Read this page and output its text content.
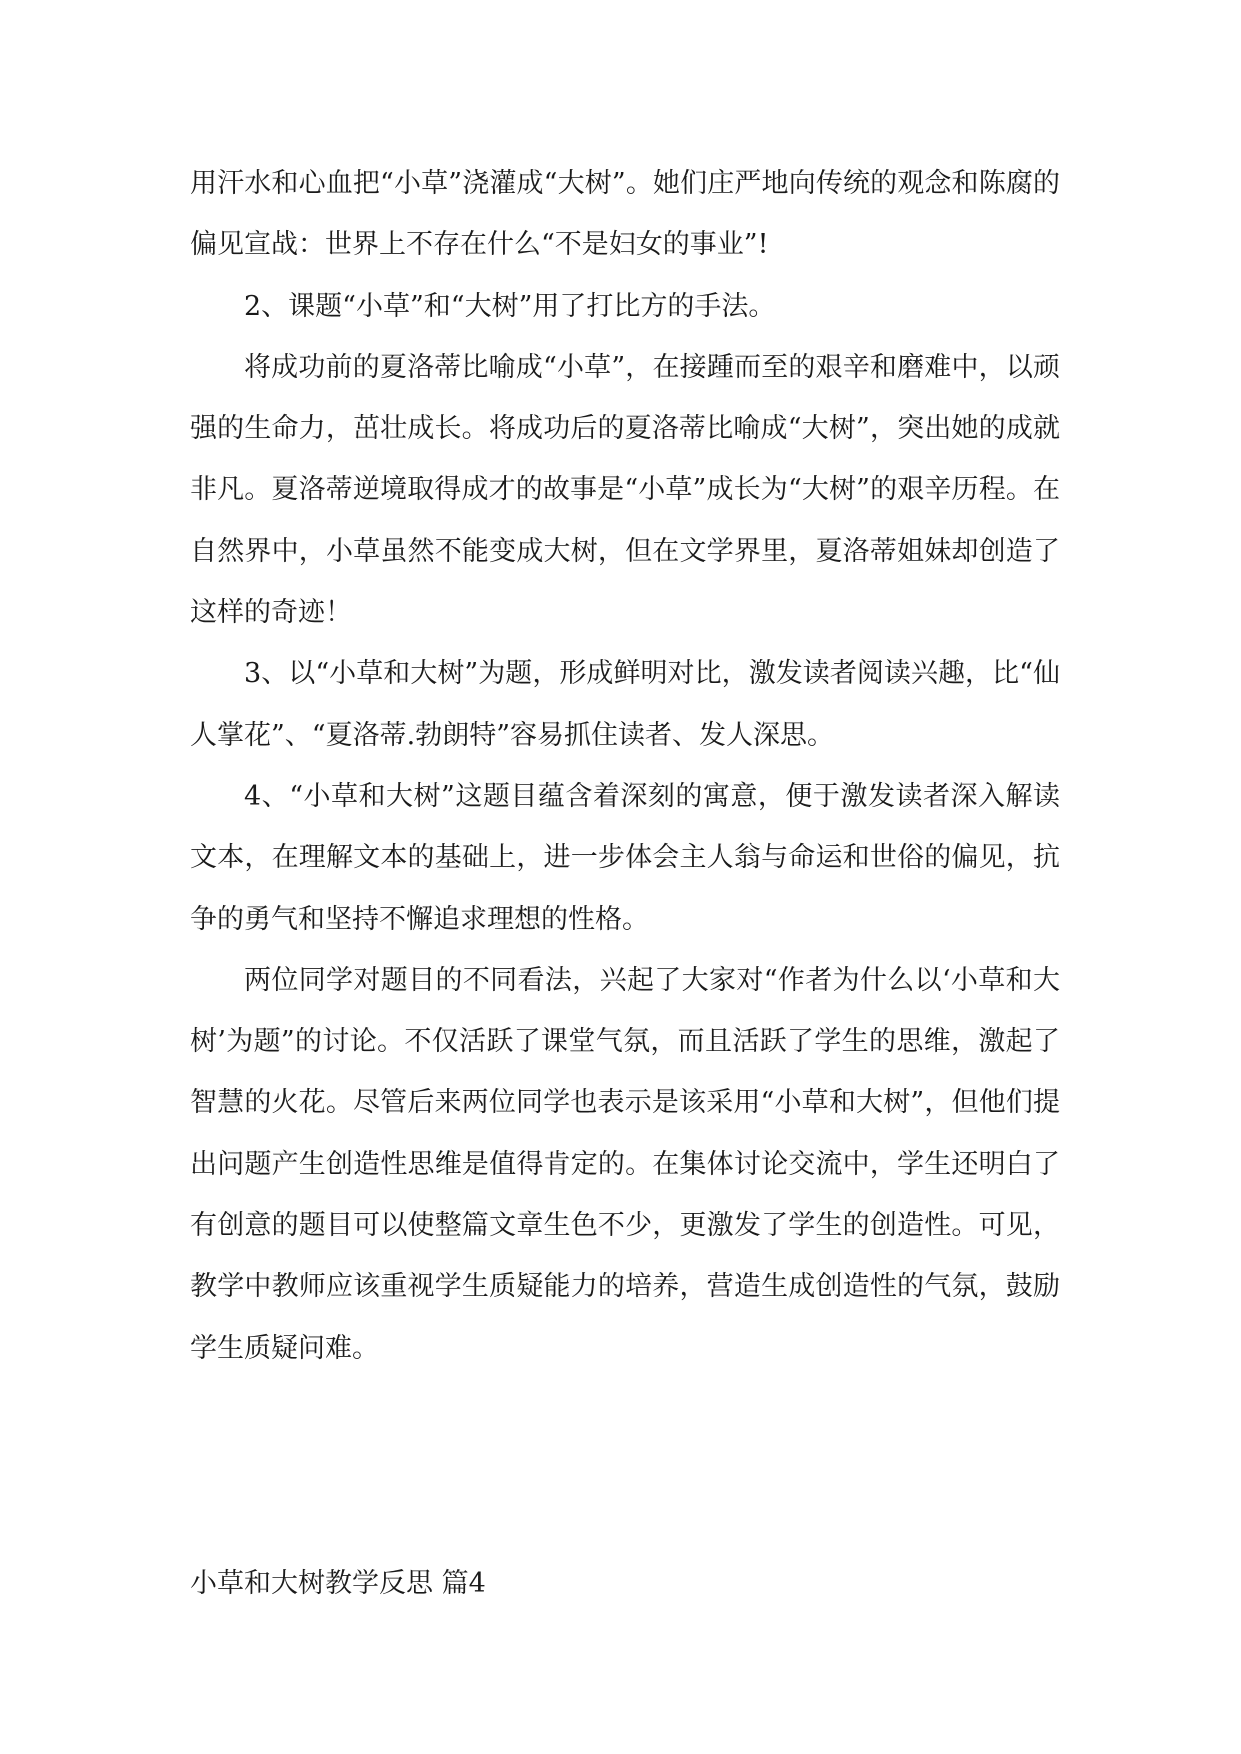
用汗水和心血把“小草”浇灌成“大树”。她们庄严地向传统的观念和陈腐的偏见宣战：世界上不存在什么“不是妇女的事业”!

2、课题“小草”和“大树”用了打比方的手法。

将成功前的夏洛蒂比喻成“小草”，在接踵而至的艰辛和磨难中，以顽强的生命力，茁壮成长。将成功后的夏洛蒂比喻成“大树”，突出她的成就非凡。夏洛蒂逆境取得成才的故事是“小草”成长为“大树”的艰辛历程。在自然界中，小草虽然不能变成大树，但在文学界里，夏洛蒂姐妹却创造了这样的奇迹！

3、以“小草和大树”为题，形成鲜明对比，激发读者阅读兴趣，比“仙人掌花”、“夏洛蒂.勃朗特”容易抓住读者、发人深思。

4、“小草和大树”这题目蕴含着深刻的寓意，便于激发读者深入解读文本，在理解文本的基础上，进一步体会主人翁与命运和世俗的偏见，抗争的勇气和坚持不懈追求理想的性格。

两位同学对题目的不同看法，兴起了大家对“作者为什么以‘小草和大树’为题”的讨论。不仅活跃了课堂气氛，而且活跃了学生的思维，激起了智慧的火花。尽管后来两位同学也表示是该采用“小草和大树”，但他们提出问题产生创造性思维是值得肯定的。在集体讨论交流中，学生还明白了有创意的题目可以使整篇文章生色不少，更激发了学生的创造性。可见，教学中教师应该重视学生质疑能力的培养，营造生成创造性的气氛，鼓励学生质疑问难。

小草和大树教学反思 篇4
